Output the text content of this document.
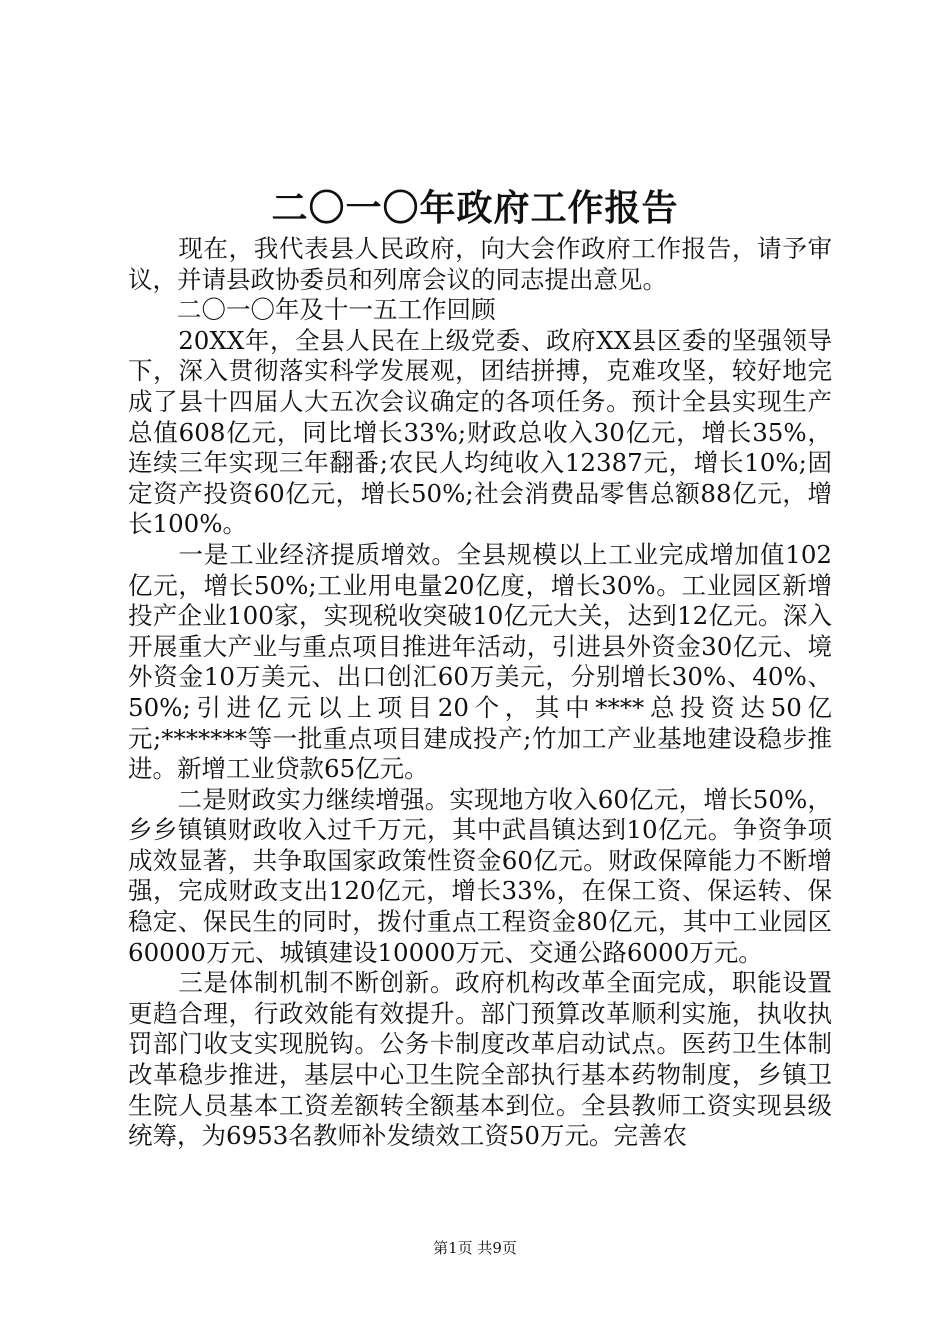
二〇一〇年政府工作报告

　　现在，我代表县人民政府，向大会作政府工作报告，请予审议，并请县政协委员和列席会议的同志提出意见。

　　二〇一〇年及十一五工作回顾

　　20XX年，全县人民在上级党委、政府XX县区委的坚强领导下，深入贯彻落实科学发展观，团结拼搏，克难攻坚，较好地完成了县十四届人大五次会议确定的各项任务。预计全县实现生产总值608亿元，同比增长33%;财政总收入30亿元，增长35%，连续三年实现三年翻番;农民人均纯收入12387元，增长10%;固定资产投资60亿元，增长50%;社会消费品零售总额88亿元，增长100%。

　　一是工业经济提质增效。全县规模以上工业完成增加值102亿元，增长50%;工业用电量20亿度，增长30%。工业园区新增投产企业100家，实现税收突破10亿元大关，达到12亿元。深入开展重大产业与重点项目推进年活动，引进县外资金30亿元、境外资金10万美元、出口创汇60万美元，分别增长30%、40%、50%;引进亿元以上项目20个，其中****总投资达50亿元;*******等一批重点项目建成投产;竹加工产业基地建设稳步推进。新增工业贷款65亿元。

　　二是财政实力继续增强。实现地方收入60亿元，增长50%，乡乡镇镇财政收入过千万元，其中武昌镇达到10亿元。争资争项成效显著，共争取国家政策性资金60亿元。财政保障能力不断增强，完成财政支出120亿元，增长33%，在保工资、保运转、保稳定、保民生的同时，拨付重点工程资金80亿元，其中工业园区60000万元、城镇建设10000万元、交通公路6000万元。

　　三是体制机制不断创新。政府机构改革全面完成，职能设置更趋合理，行政效能有效提升。部门预算改革顺利实施，执收执罚部门收支实现脱钩。公务卡制度改革启动试点。医药卫生体制改革稳步推进，基层中心卫生院全部执行基本药物制度，乡镇卫生院人员基本工资差额转全额基本到位。全县教师工资实现县级统筹，为6953名教师补发绩效工资50万元。完善农

第1页 共9页
